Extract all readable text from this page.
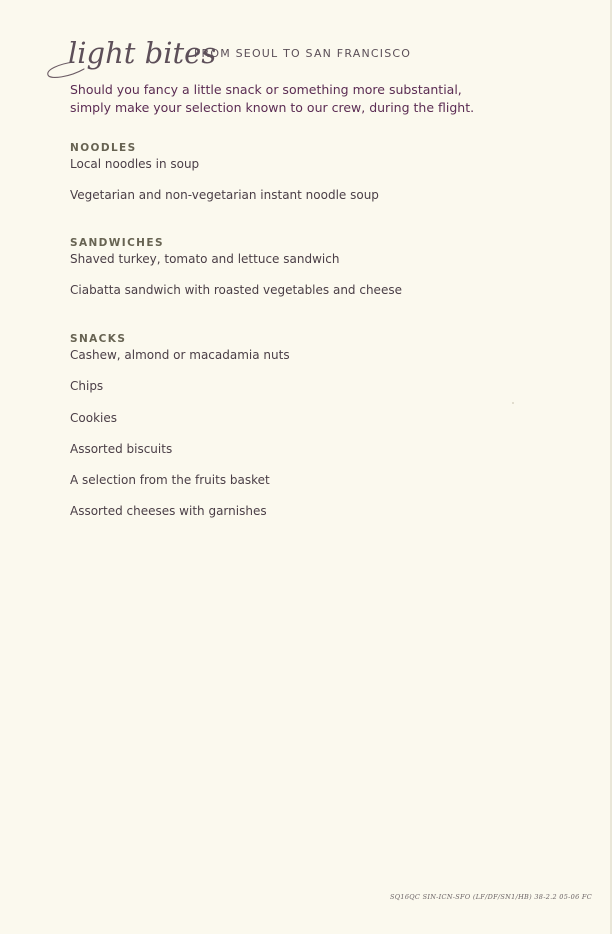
light bites
FROM SEOUL TO SAN FRANCISCO

Should you fancy a little snack or something more substantial,

simply make your selection known to our crew, during the flight.

NOODLES
Local noodles in soup
Vegetarian and non-vegetarian instant noodle soup
SANDWICHES
Shaved turkey, tomato and lettuce sandwich
Ciabatta sandwich with roasted vegetables and cheese
SNACKS
Cashew, almond or macadamia nuts
Chips
Cookies
Assorted biscuits
A selection from the fruits basket
Assorted cheeses with garnishes
SQ16QC SIN-ICN-SFO (LF/DF/SN1/HB) 38-2.2 05-06 FC
